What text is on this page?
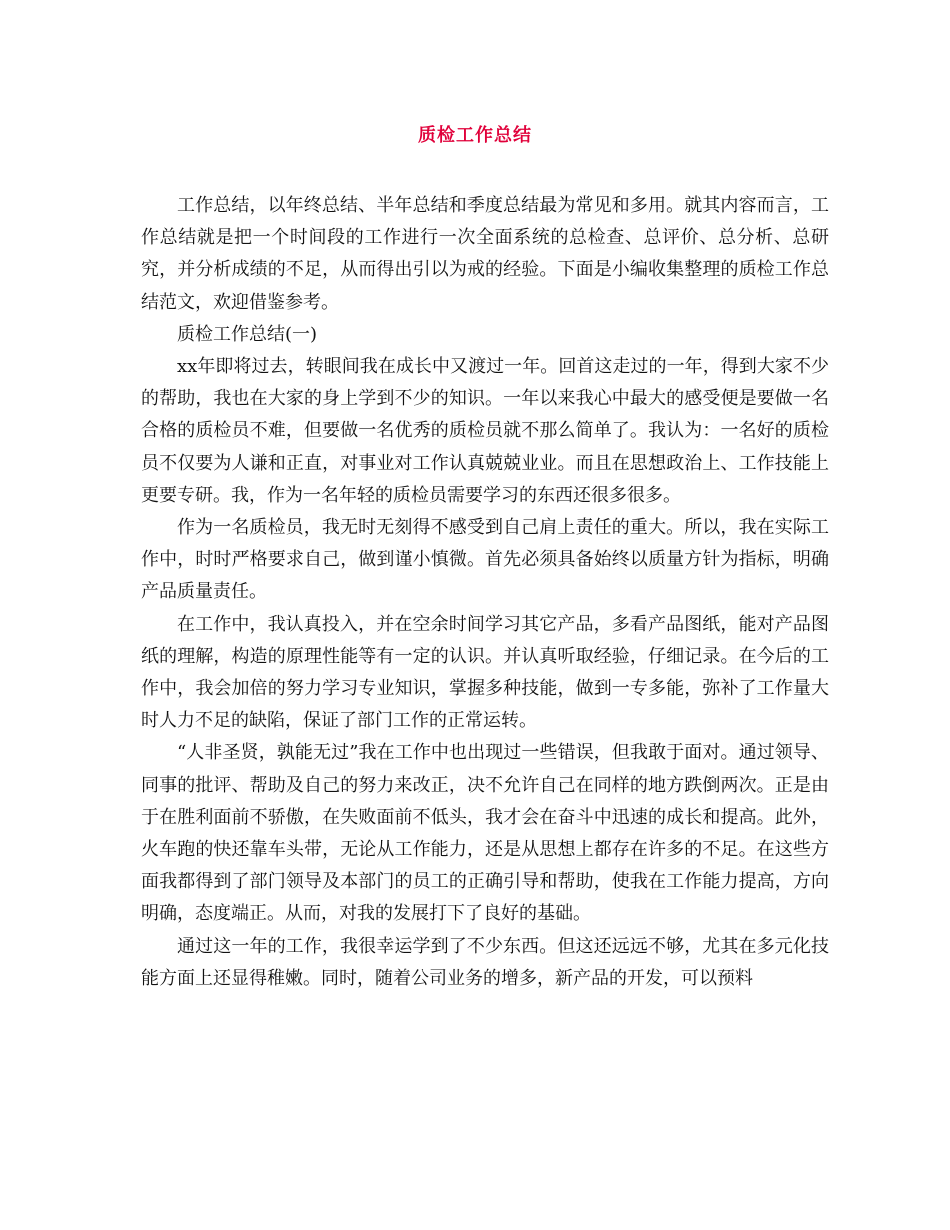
质检工作总结

工作总结，以年终总结、半年总结和季度总结最为常见和多用。就其内容而言，工作总结就是把一个时间段的工作进行一次全面系统的总检查、总评价、总分析、总研究，并分析成绩的不足，从而得出引以为戒的经验。下面是小编收集整理的质检工作总结范文，欢迎借鉴参考。

质检工作总结(一)

xx年即将过去，转眼间我在成长中又渡过一年。回首这走过的一年，得到大家不少的帮助，我也在大家的身上学到不少的知识。一年以来我心中最大的感受便是要做一名合格的质检员不难，但要做一名优秀的质检员就不那么简单了。我认为：一名好的质检员不仅要为人谦和正直，对事业对工作认真兢兢业业。而且在思想政治上、工作技能上更要专研。我，作为一名年轻的质检员需要学习的东西还很多很多。

作为一名质检员，我无时无刻得不感受到自己肩上责任的重大。所以，我在实际工作中，时时严格要求自己，做到谨小慎微。首先必须具备始终以质量方针为指标，明确产品质量责任。

在工作中，我认真投入，并在空余时间学习其它产品，多看产品图纸，能对产品图纸的理解，构造的原理性能等有一定的认识。并认真听取经验，仔细记录。在今后的工作中，我会加倍的努力学习专业知识，掌握多种技能，做到一专多能，弥补了工作量大时人力不足的缺陷，保证了部门工作的正常运转。

“人非圣贤，孰能无过”我在工作中也出现过一些错误，但我敢于面对。通过领导、同事的批评、帮助及自己的努力来改正，决不允许自己在同样的地方跌倒两次。正是由于在胜利面前不骄傲，在失败面前不低头，我才会在奋斗中迅速的成长和提高。此外，火车跑的快还靠车头带，无论从工作能力，还是从思想上都存在许多的不足。在这些方面我都得到了部门领导及本部门的员工的正确引导和帮助，使我在工作能力提高，方向明确，态度端正。从而，对我的发展打下了良好的基础。

通过这一年的工作，我很幸运学到了不少东西。但这还远远不够，尤其在多元化技能方面上还显得稚嫩。同时，随着公司业务的增多，新产品的开发，可以预料
